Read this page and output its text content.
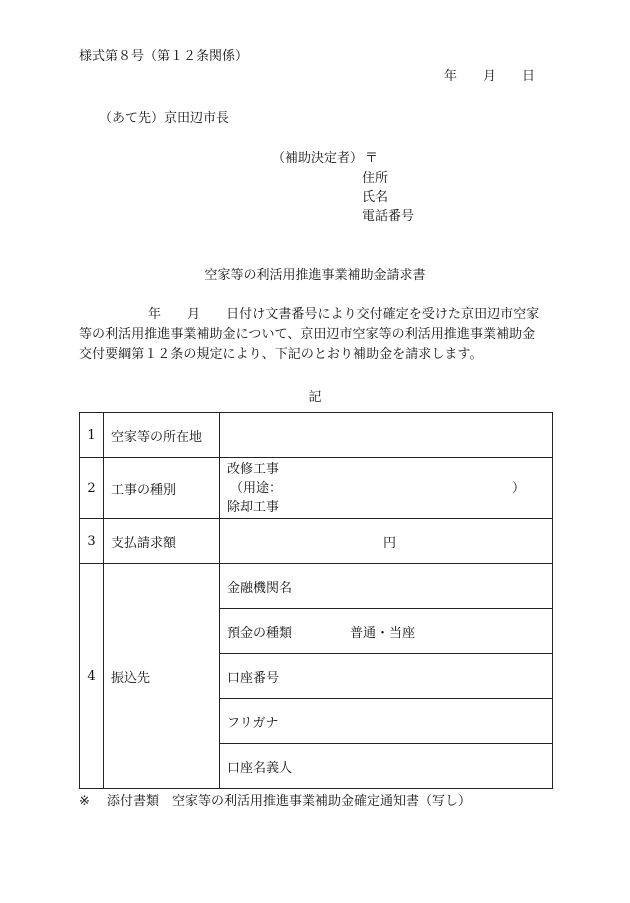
様式第８号（第１２条関係）
年 月 日
（あて先）京田辺市長
（補助決定者） 〒
住所
氏名
電話番号
空家等の利活用推進事業補助金請求書
年 月 日付け文書番号により交付確定を受けた京田辺市空家
等の利活用推進事業補助金について、京田辺市空家等の利活用推進事業補助金
交付要綱第１２条の規定により、下記のとおり補助金を請求します。
記
1	空家等の所在地	
2	工事の種別	改修工事
（用途： ）
除却工事

3	支払請求額	円

4	振込先	金融機関名
		預金の種類 普通・当座
		口座番号
		フリガナ
		口座名義人
※ 添付書類　空家等の利活用推進事業補助金確定通知書（写し）
